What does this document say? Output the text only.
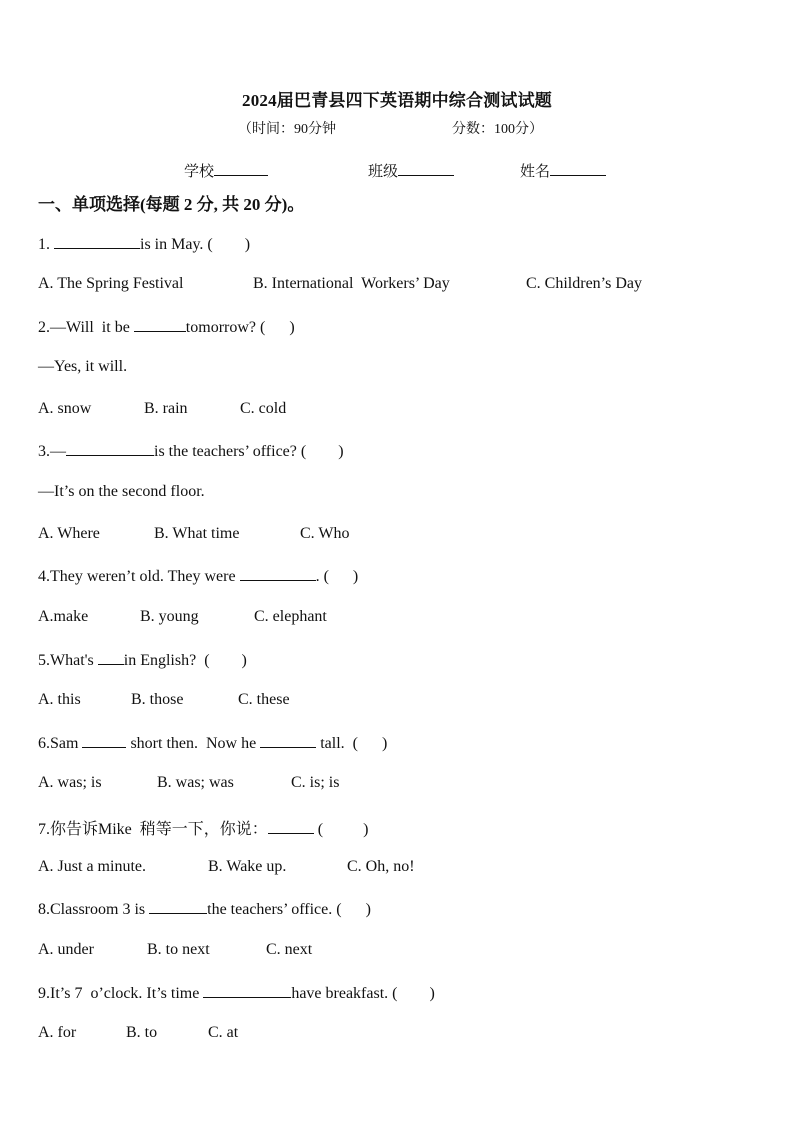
2024届巴青县四下英语期中综合测试试题
（时间：90分钟	分数：100分）
学校	班级	姓名
一、单项选择(每题 2 分, 共 20 分)。
1.	is in May. (        )
A. The Spring Festival	B. International  Workers’ Day	C. Children’s Day
2.—Will  it be	tomorrow? (      )
—Yes, it will.
A. snow	B. rain	C. cold
3.—	is the teachers’ office? (        )
—It’s on the second floor.
A. Where	B. What time	C. Who
4.They weren’t old. They were	. (      )
A.make	B. young	C. elephant
5.What's in English?  (        )
A. this	B. those	C. these
6.Sam	short then.  Now he	tall.  (      )
A. was; is	B. was; was	C. is; is
7.你告诉Mike  稍等一下，你说：	(          )
A. Just a minute.	B. Wake up.	C. Oh, no!
8.Classroom 3 is	the teachers’ office. (      )
A. under	B. to next	C. next
9.It’s 7  o’clock. It’s time	have breakfast. (        )
A. for	B. to	C. at
